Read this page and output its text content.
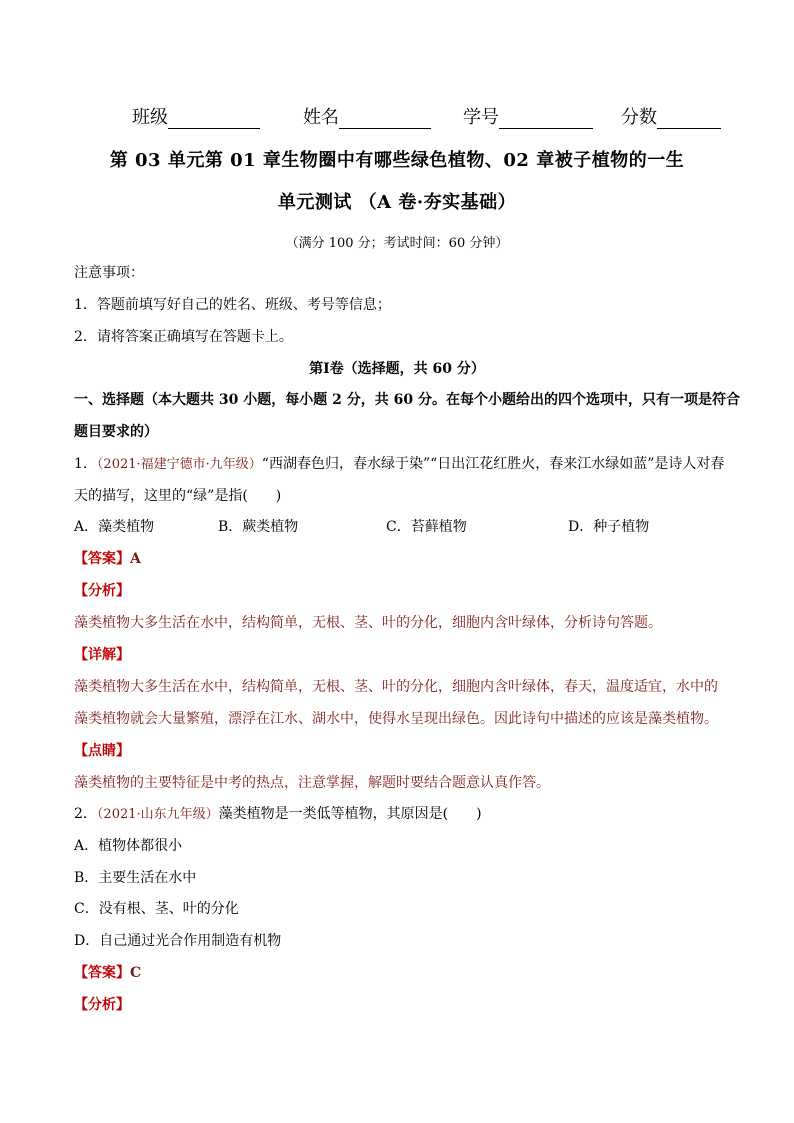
班级	姓名	学号	分数
第 03 单元第 01 章生物圈中有哪些绿色植物、02 章被子植物的一生
单元测试 （A 卷·夯实基础）
（满分 100 分；考试时间：60 分钟）
注意事项：
1．答题前填写好自己的姓名、班级、考号等信息；
2．请将答案正确填写在答题卡上。
第Ⅰ卷（选择题，共 60 分）
一、选择题（本大题共 30 小题，每小题 2 分，共 60 分。在每个小题给出的四个选项中，只有一项是符合
题目要求的）
1．（2021·福建宁德市·九年级）“西湖春色归，春水绿于染”“日出江花红胜火，春来江水绿如蓝”是诗人对春
天的描写，这里的“绿”是指(　　)
A．藻类植物	B．蕨类植物	C．苔藓植物	D．种子植物
【答案】A
【分析】
藻类植物大多生活在水中，结构简单，无根、茎、叶的分化，细胞内含叶绿体，分析诗句答题。
【详解】
藻类植物大多生活在水中，结构简单，无根、茎、叶的分化，细胞内含叶绿体，春天，温度适宜，水中的
藻类植物就会大量繁殖，漂浮在江水、湖水中，使得水呈现出绿色。因此诗句中描述的应该是藻类植物。
【点睛】
藻类植物的主要特征是中考的热点，注意掌握，解题时要结合题意认真作答。
2．（2021·山东九年级）藻类植物是一类低等植物，其原因是(　　)
A．植物体都很小
B．主要生活在水中
C．没有根、茎、叶的分化
D．自己通过光合作用制造有机物
【答案】C
【分析】
